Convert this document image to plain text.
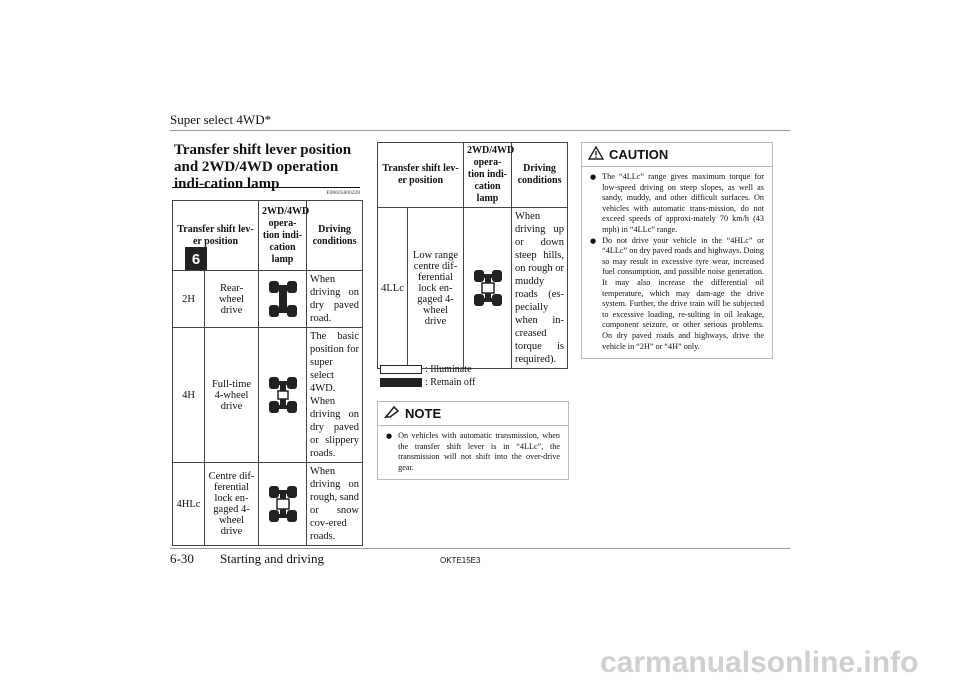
Super select 4WD*
6
Transfer shift lever position and 2WD/4WD operation indi-cation lamp
E00605800228
Transfer shift lev-er position		2WD/4WD opera-tion indi-cation lamp	Driving conditions
2H	Rear-wheel drive		When driving on dry paved road.
4H	Full-time 4-wheel drive		The basic position for super select 4WD. When driving on dry paved or slippery roads.
4HLc	Centre dif-ferential lock en-gaged 4-wheel drive		When driving on rough, sand or snow cov-ered roads.
Transfer shift lev-er position		2WD/4WD opera-tion indi-cation lamp	Driving conditions
4LLc	Low range centre dif-ferential lock en-gaged 4-wheel drive		When driving up or down steep hills, on rough or muddy roads (es-pecially when in-creased torque is required).
: Illuminate
: Remain off
NOTE
● On vehicles with automatic transmission, when the transfer shift lever is in “4LLc”, the transmission will not shift into the over-drive gear.
CAUTION
● The “4LLc” range gives maximum torque for low-speed driving on steep slopes, as well as sandy, muddy, and other difficult surfaces. On vehicles with automatic trans-mission, do not exceed speeds of approxi-mately 70 km/h (43 mph) in “4LLc” range.
● Do not drive your vehicle in the “4HLc” or “4LLc” on dry paved roads and highways. Doing so may result in excessive tyre wear, increased fuel consumption, and possible noise generation. It may also increase the differential oil temperature, which may dam-age the drive system. Further, the drive train will be subjected to excessive loading, re-sulting in oil leakage, component seizure, or other serious problems. On dry paved roads and highways, drive the vehicle in “2H” or “4H” only.
6-30 Starting and driving	OKTE15E3
carmanualsonline.info
